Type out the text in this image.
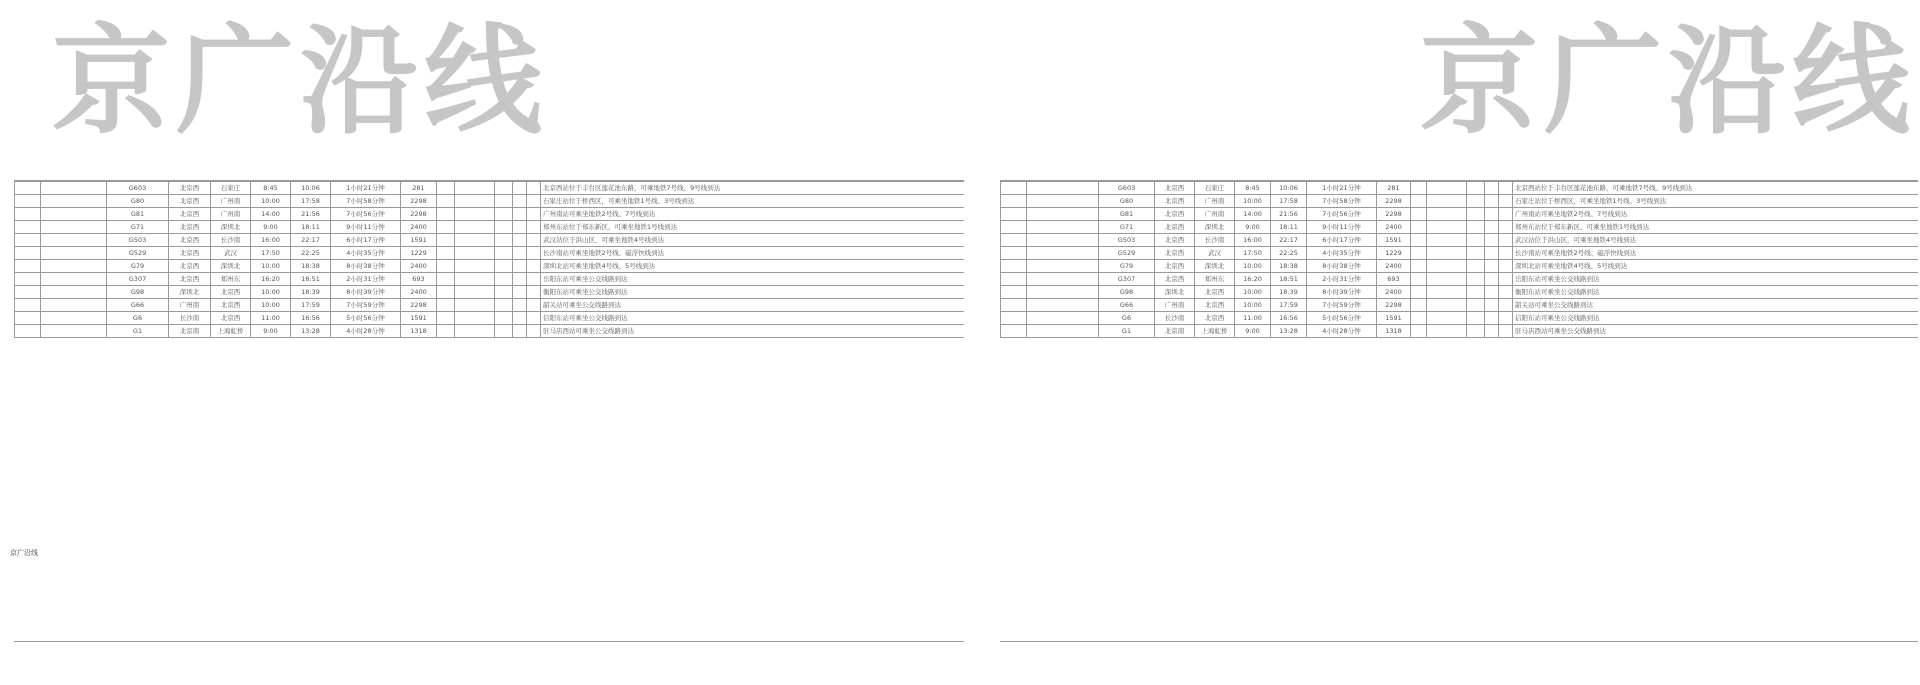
京广沿线	京广沿线
		G603	北京西	石家庄	8:45	10:06	1小时21分钟	281						北京西站位于丰台区莲花池东路，可乘地铁7号线、9号线到达
		G80	北京西	广州南	10:00	17:58	7小时58分钟	2298						石家庄站位于桥西区，可乘坐地铁1号线、3号线到达
		G81	北京西	广州南	14:00	21:56	7小时56分钟	2298						广州南站可乘坐地铁2号线、7号线到达
		G71	北京西	深圳北	9:00	18:11	9小时11分钟	2400						郑州东站位于郑东新区，可乘坐地铁1号线到达
		G503	北京西	长沙南	16:00	22:17	6小时17分钟	1591						武汉站位于洪山区，可乘坐地铁4号线到达
		G529	北京西	武汉	17:50	22:25	4小时35分钟	1229						长沙南站可乘坐地铁2号线、磁浮快线到达
		G79	北京西	深圳北	10:00	18:38	8小时38分钟	2400						深圳北站可乘坐地铁4号线、5号线到达
		G307	北京西	郑州东	16:20	18:51	2小时31分钟	693						岳阳东站可乘坐公交线路到达
		G98	深圳北	北京西	10:00	18:39	8小时39分钟	2400						衡阳东站可乘坐公交线路到达
		G66	广州南	北京西	10:00	17:59	7小时59分钟	2298						韶关站可乘坐公交线路到达
		G6	长沙南	北京西	11:00	16:56	5小时56分钟	1591						信阳东站可乘坐公交线路到达
		G1	北京南	上海虹桥	9:00	13:28	4小时28分钟	1318						驻马店西站可乘坐公交线路到达
		G603	北京西	石家庄	8:45	10:06	1小时21分钟	281						北京西站位于丰台区莲花池东路，可乘地铁7号线、9号线到达
		G80	北京西	广州南	10:00	17:58	7小时58分钟	2298						石家庄站位于桥西区，可乘坐地铁1号线、3号线到达
		G81	北京西	广州南	14:00	21:56	7小时56分钟	2298						广州南站可乘坐地铁2号线、7号线到达
		G71	北京西	深圳北	9:00	18:11	9小时11分钟	2400						郑州东站位于郑东新区，可乘坐地铁1号线到达
		G503	北京西	长沙南	16:00	22:17	6小时17分钟	1591						武汉站位于洪山区，可乘坐地铁4号线到达
		G529	北京西	武汉	17:50	22:25	4小时35分钟	1229						长沙南站可乘坐地铁2号线、磁浮快线到达
		G79	北京西	深圳北	10:00	18:38	8小时38分钟	2400						深圳北站可乘坐地铁4号线、5号线到达
		G307	北京西	郑州东	16:20	18:51	2小时31分钟	693						岳阳东站可乘坐公交线路到达
		G98	深圳北	北京西	10:00	18:39	8小时39分钟	2400						衡阳东站可乘坐公交线路到达
		G66	广州南	北京西	10:00	17:59	7小时59分钟	2298						韶关站可乘坐公交线路到达
		G6	长沙南	北京西	11:00	16:56	5小时56分钟	1591						信阳东站可乘坐公交线路到达
		G1	北京南	上海虹桥	9:00	13:28	4小时28分钟	1318						驻马店西站可乘坐公交线路到达
京广沿线
